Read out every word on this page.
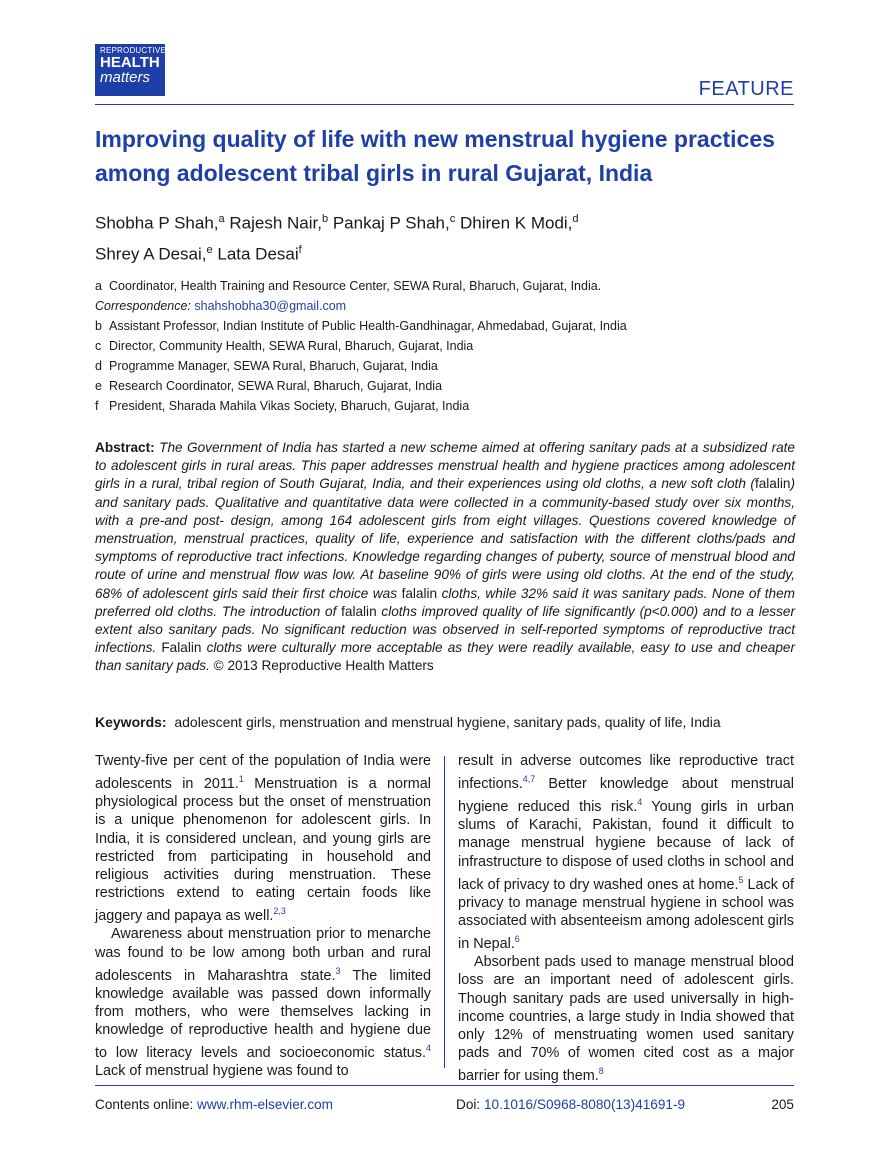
REPRODUCTIVE
HEALTH
matters
FEATURE
Improving quality of life with new menstrual hygiene practices among adolescent tribal girls in rural Gujarat, India
Shobha P Shah,$^a$ Rajesh Nair,$^b$ Pankaj P Shah,$^c$ Dhiren K Modi,$^d$
Shrey A Desai,$^e$ Lata Desai$^f$
a Coordinator, Health Training and Resource Center, SEWA Rural, Bharuch, Gujarat, India.
Correspondence:
shahshobha30@gmail.com
b Assistant Professor, Indian Institute of Public Health-Gandhinagar, Ahmedabad, Gujarat, India
c Director, Community Health, SEWA Rural, Bharuch, Gujarat, India
d Programme Manager, SEWA Rural, Bharuch, Gujarat, India
e Research Coordinator, SEWA Rural, Bharuch, Gujarat, India
f President, Sharada Mahila Vikas Society, Bharuch, Gujarat, India
Abstract: The Government of India has started a new scheme aimed at offering sanitary pads at a subsidized rate to adolescent girls in rural areas. This paper addresses menstrual health and hygiene practices among adolescent girls in a rural, tribal region of South Gujarat, India, and their experiences using old cloths, a new soft cloth (falalin) and sanitary pads. Qualitative and quantitative data were collected in a community-based study over six months, with a pre-and post- design, among 164 adolescent girls from eight villages. Questions covered knowledge of menstruation, menstrual practices, quality of life, experience and satisfaction with the different cloths/pads and symptoms of reproductive tract infections. Knowledge regarding changes of puberty, source of menstrual blood and route of urine and menstrual flow was low. At baseline 90% of girls were using old cloths. At the end of the study, 68% of adolescent girls said their first choice was falalin cloths, while 32% said it was sanitary pads. None of them preferred old cloths. The introduction of falalin cloths improved quality of life significantly (p<0.000) and to a lesser extent also sanitary pads. No significant reduction was observed in self-reported symptoms of reproductive tract infections. Falalin cloths were culturally more acceptable as they were readily available, easy to use and cheaper than sanitary pads. © 2013 Reproductive Health Matters
Keywords: adolescent girls, menstruation and menstrual hygiene, sanitary pads, quality of life, India

Twenty-five per cent of the population of India were adolescents in 2011.$^1$ Menstruation is a normal physiological process but the onset of menstruation is a unique phenomenon for adolescent girls. In India, it is considered unclean, and young girls are restricted from participating in household and religious activities during menstruation. These restrictions extend to eating certain foods like jaggery and papaya as well.$^{2,3}$

Awareness about menstruation prior to menarche was found to be low among both urban and rural adolescents in Maharashtra state.$^3$ The limited knowledge available was passed down informally from mothers, who were themselves lacking in knowledge of reproductive health and hygiene due to low literacy levels and socioeconomic status.$^4$ Lack of menstrual hygiene was found to

result in adverse outcomes like reproductive tract infections.$^{4,7}$ Better knowledge about menstrual hygiene reduced this risk.$^4$ Young girls in urban slums of Karachi, Pakistan, found it difficult to manage menstrual hygiene because of lack of infrastructure to dispose of used cloths in school and lack of privacy to dry washed ones at home.$^5$ Lack of privacy to manage menstrual hygiene in school was associated with absenteeism among adolescent girls in Nepal.$^6$

Absorbent pads used to manage menstrual blood loss are an important need of adolescent girls. Though sanitary pads are used universally in high-income countries, a large study in India showed that only 12% of menstruating women used sanitary pads and 70% of women cited cost as a major barrier for using them.$^8$

Contents online: www.rhm-elsevier.com	Doi: 10.1016/S0968-8080(13)41691-9	205
